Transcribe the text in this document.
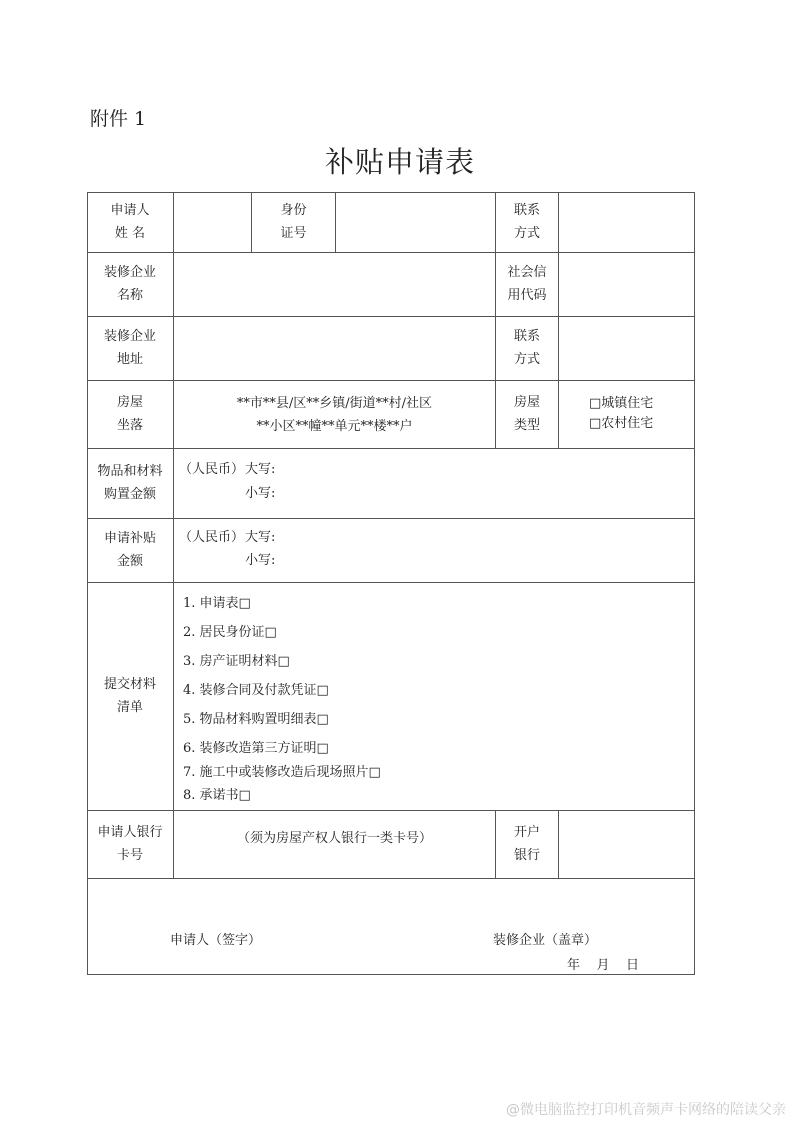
附件 1
补贴申请表
申请人
姓 名
身份
证号
联系
方式
装修企业
名称
社会信
用代码
装修企业
地址
联系
方式
房屋
坐落
**市**县/区**乡镇/街道**村/社区
**小区**幢**单元**楼**户
房屋
类型
□城镇住宅
□农村住宅
物品和材料
购置金额
（人民币） 大写:
小写:
申请补贴
金额
（人民币） 大写:
小写:
提交材料
清单
1. 申请表□
2. 居民身份证□
3. 房产证明材料□
4. 装修合同及付款凭证□
5. 物品材料购置明细表□
6. 装修改造第三方证明□
7. 施工中或装修改造后现场照片□
8. 承诺书□
申请人银行
卡号
（须为房屋产权人银行一类卡号）	开户
银行
申请人（签字）	装修企业（盖章）
年    月    日
@微电脑监控打印机音频声卡网络的陪读父亲
